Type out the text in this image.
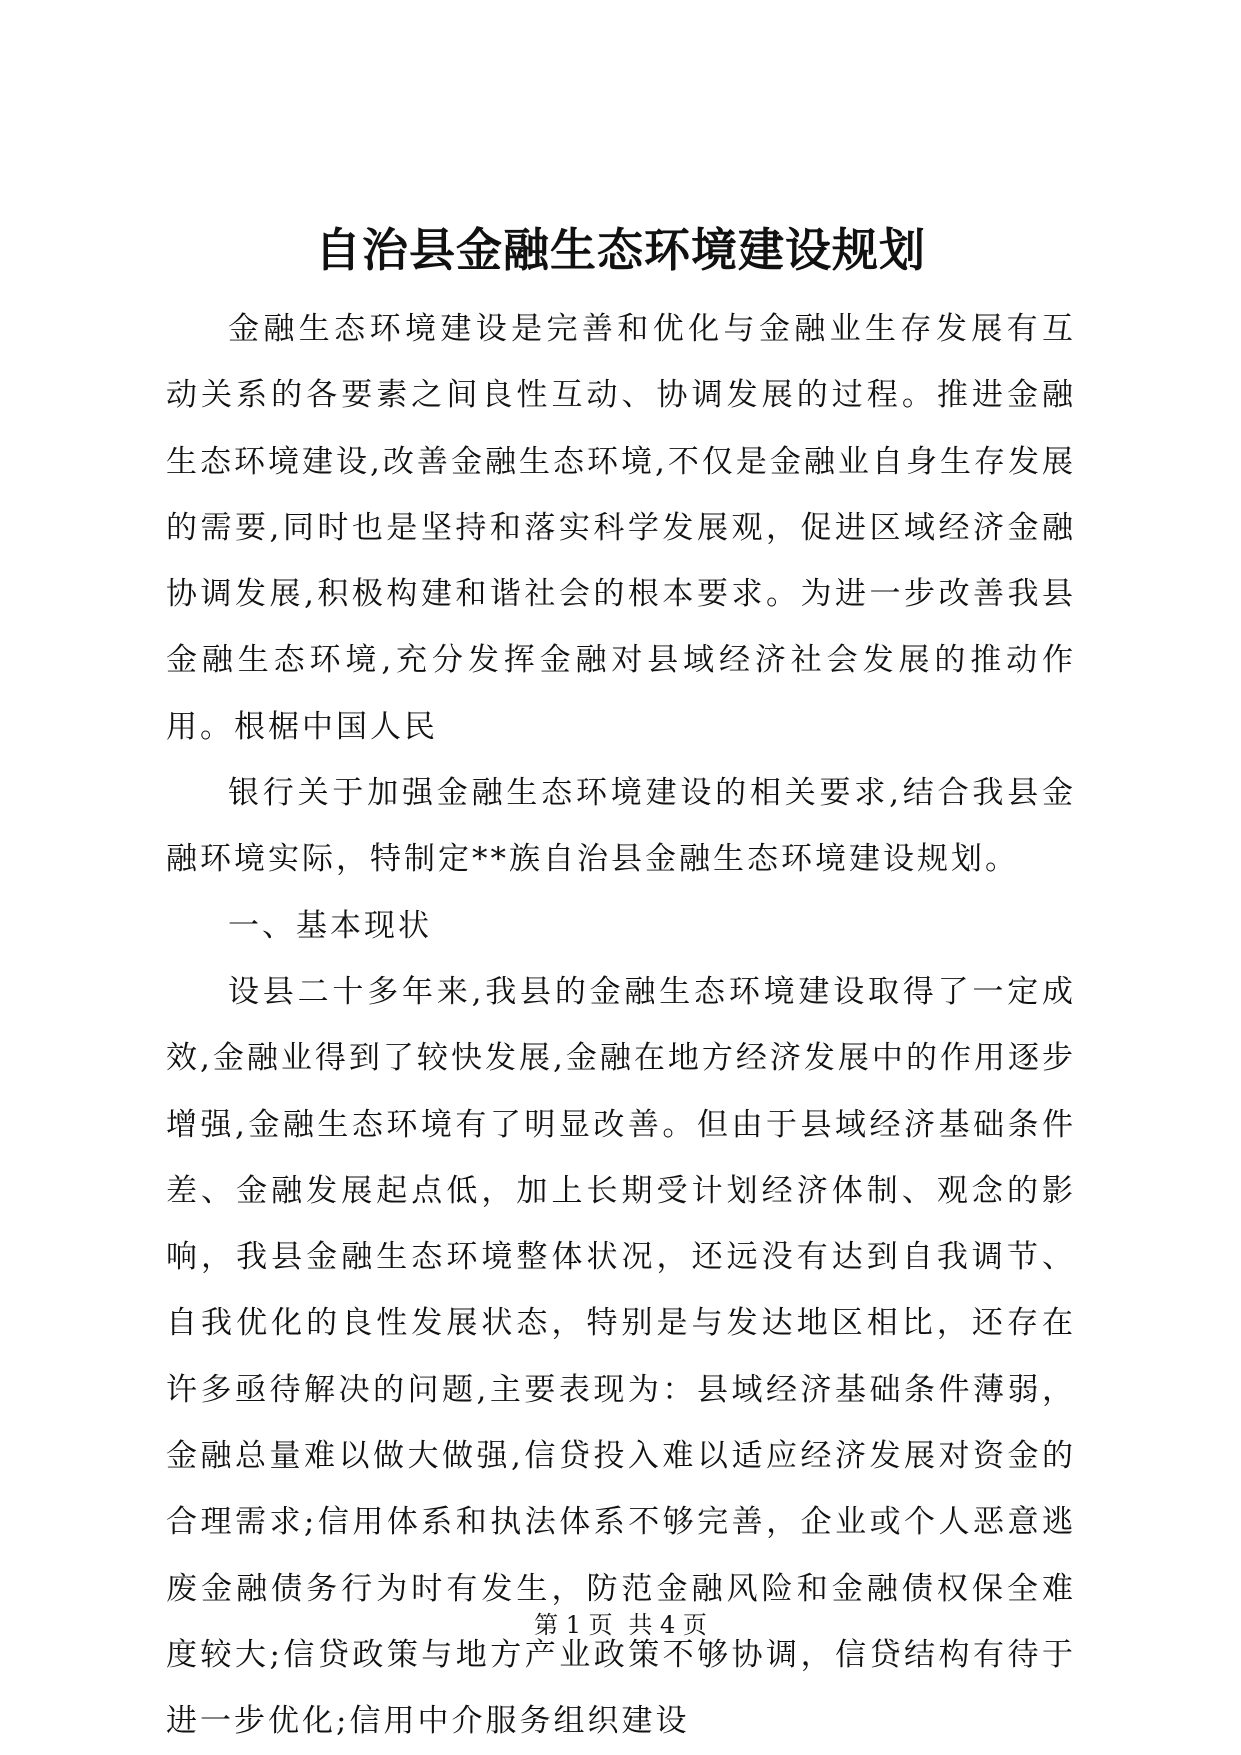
自治县金融生态环境建设规划

金融生态环境建设是完善和优化与金融业生存发展有互动关系的各要素之间良性互动、协调发展的过程。推进金融生态环境建设,改善金融生态环境,不仅是金融业自身生存发展的需要,同时也是坚持和落实科学发展观，促进区域经济金融协调发展,积极构建和谐社会的根本要求。为进一步改善我县金融生态环境,充分发挥金融对县域经济社会发展的推动作用。根椐中国人民

银行关于加强金融生态环境建设的相关要求,结合我县金融环境实际，特制定**族自治县金融生态环境建设规划。

一、基本现状

设县二十多年来,我县的金融生态环境建设取得了一定成效,金融业得到了较快发展,金融在地方经济发展中的作用逐步增强,金融生态环境有了明显改善。但由于县域经济基础条件差、金融发展起点低，加上长期受计划经济体制、观念的影响，我县金融生态环境整体状况，还远没有达到自我调节、自我优化的良性发展状态，特别是与发达地区相比，还存在许多亟待解决的问题,主要表现为：县域经济基础条件薄弱，金融总量难以做大做强,信贷投入难以适应经济发展对资金的合理需求;信用体系和执法体系不够完善，企业或个人恶意逃废金融债务行为时有发生，防范金融风险和金融债权保全难度较大;信贷政策与地方产业政策不够协调，信贷结构有待于进一步优化;信用中介服务组织建设

第 1 页 共 4 页
